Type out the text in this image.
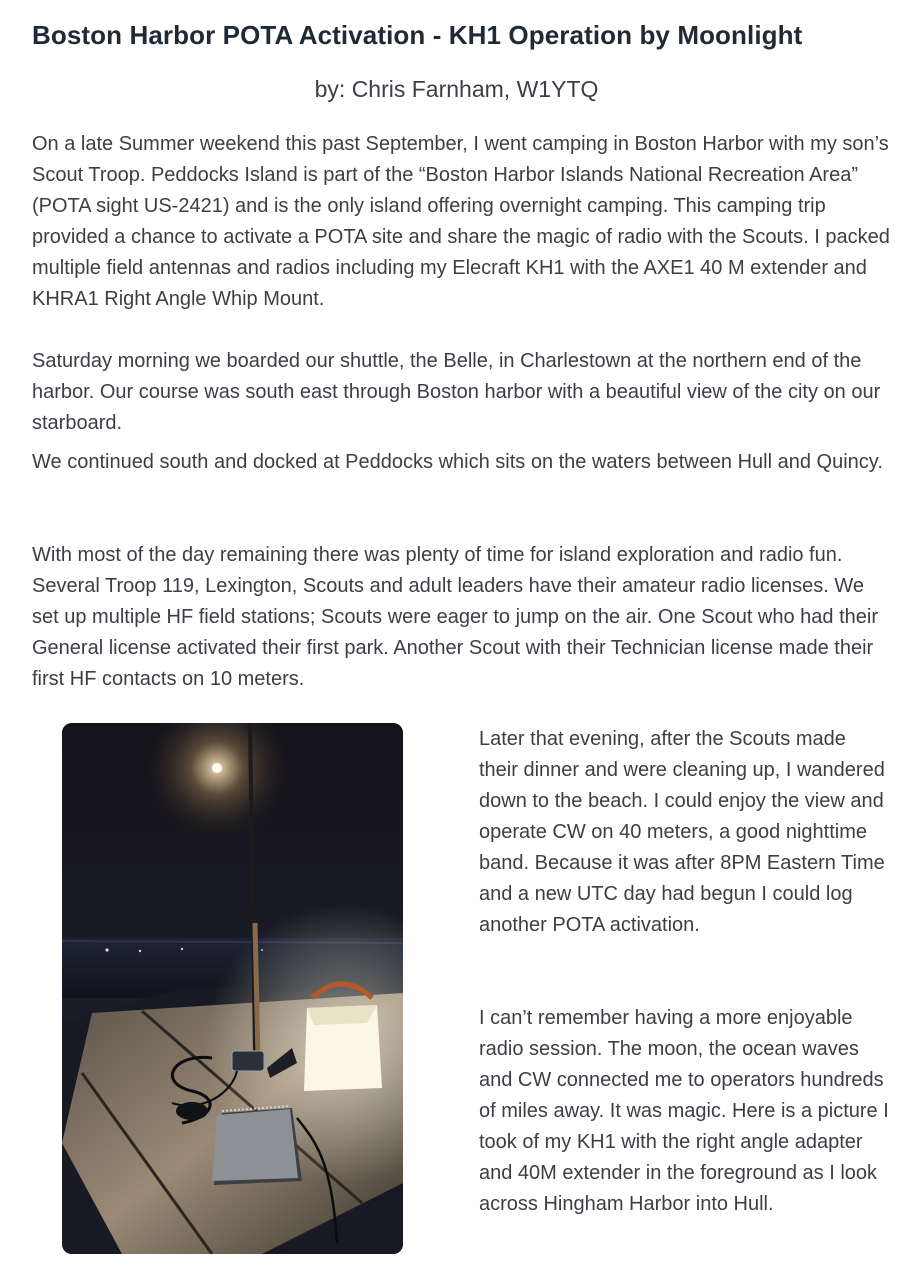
Boston Harbor POTA Activation - KH1 Operation by Moonlight
by: Chris Farnham, W1YTQ

On a late Summer weekend this past September, I went camping in Boston Harbor with my son’s Scout Troop. Peddocks Island is part of the “Boston Harbor Islands National Recreation Area” (POTA sight US-2421) and is the only island offering overnight camping. This camping trip provided a chance to activate a POTA site and share the magic of radio with the Scouts. I packed multiple field antennas and radios including my Elecraft KH1 with the AXE1 40 M extender and KHRA1 Right Angle Whip Mount.

Saturday morning we boarded our shuttle, the Belle, in Charlestown at the northern end of the harbor. Our course was south east through Boston harbor with a beautiful view of the city on our starboard.

We continued south and docked at Peddocks which sits on the waters between Hull and Quincy.

With most of the day remaining there was plenty of time for island exploration and radio fun. Several Troop 119, Lexington, Scouts and adult leaders have their amateur radio licenses. We set up multiple HF field stations; Scouts were eager to jump on the air. One Scout who had their General license activated their first park. Another Scout with their Technician license made their first HF contacts on 10 meters.

Later that evening, after the Scouts made their dinner and were cleaning up, I wandered down to the beach. I could enjoy the view and operate CW on 40 meters, a good nighttime band. Because it was after 8PM Eastern Time and a new UTC day had begun I could log another POTA activation.

I can’t remember having a more enjoyable radio session. The moon, the ocean waves and CW connected me to operators hundreds of miles away. It was magic. Here is a picture I took of my KH1 with the right angle adapter and 40M extender in the foreground as I look across Hingham Harbor into Hull.
